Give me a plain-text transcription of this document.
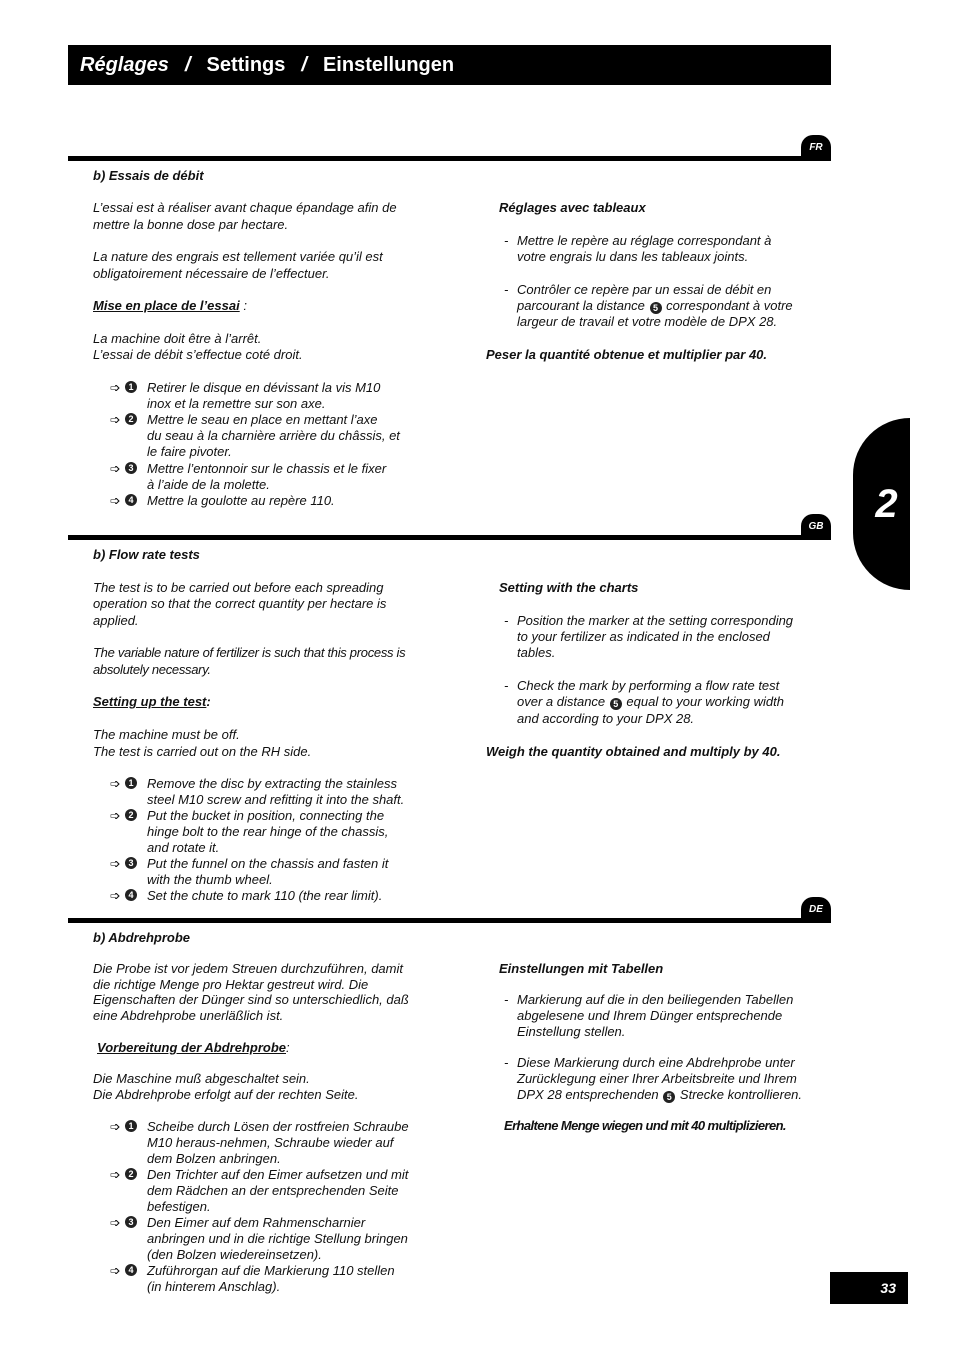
Réglages / Settings / Einstellungen
2
33
FR
b) Essais de débit
L’essai est à réaliser avant chaque épandage afin de
mettre la bonne dose par hectare.
La nature des engrais est tellement variée qu’il est
obligatoirement nécessaire de l’effectuer.
Mise en place de l’essai :
La machine doit être à l’arrêt.
L’essai de débit s’effectue coté droit.
➩ 1 Retirer le disque en dévissant la vis M10
inox et la remettre sur son axe.
➩ 2 Mettre le seau en place en mettant l’axe
du seau à la charnière arrière du châssis, et
le faire pivoter.
➩ 3 Mettre l’entonnoir sur le chassis et le fixer
à l’aide de la molette.
➩ 4 Mettre la goulotte au repère 110.
Réglages avec tableaux
- Mettre le repère au réglage correspondant à
votre engrais lu dans les tableaux joints.
- Contrôler ce repère par un essai de débit en
parcourant la distance 5 correspondant à votre
largeur de travail et votre modèle de DPX 28.
Peser la quantité obtenue et multiplier par 40.
GB
b) Flow rate tests
The test is to be carried out before each spreading
operation so that the correct quantity per hectare is
applied.
The variable nature of fertilizer is such that this process is
absolutely necessary.
Setting up the test:
The machine must be off.
The test is carried out on the RH side.
➩ 1 Remove the disc by extracting the stainless
steel M10 screw and refitting it into the shaft.
➩ 2 Put the bucket in position, connecting the
hinge bolt to the rear hinge of the chassis,
and rotate it.
➩ 3 Put the funnel on the chassis and fasten it
with the thumb wheel.
➩ 4 Set the chute to mark 110 (the rear limit).
Setting with the charts
- Position the marker at the setting corresponding
to your fertilizer as indicated in the enclosed
tables.
- Check the mark by performing a flow rate test
over a distance 5 equal to your working width
and according to your DPX 28.
Weigh the quantity obtained and multiply by 40.
DE
b) Abdrehprobe
Die Probe ist vor jedem Streuen durchzuführen, damit
die richtige Menge pro Hektar gestreut wird. Die
Eigenschaften der Dünger sind so unterschiedlich, daß
eine Abdrehprobe unerläßlich ist.
Vorbereitung der Abdrehprobe:
Die Maschine muß abgeschaltet sein.
Die Abdrehprobe erfolgt auf der rechten Seite.
➩ 1 Scheibe durch Lösen der rostfreien Schraube
M10 heraus-nehmen, Schraube wieder auf
dem Bolzen anbringen.
➩ 2 Den Trichter auf den Eimer aufsetzen und mit
dem Rädchen an der entsprechenden Seite
befestigen.
➩ 3 Den Eimer auf dem Rahmenscharnier
anbringen und in die richtige Stellung bringen
(den Bolzen wiedereinsetzen).
➩ 4 Zuführorgan auf die Markierung 110 stellen
(in hinterem Anschlag).
Einstellungen mit Tabellen
- Markierung auf die in den beiliegenden Tabellen
abgelesene und Ihrem Dünger entsprechende
Einstellung stellen.
- Diese Markierung durch eine Abdrehprobe unter
Zurücklegung einer Ihrer Arbeitsbreite und Ihrem
DPX 28 entsprechenden 5 Strecke kontrollieren.
Erhaltene Menge wiegen und mit 40 multiplizieren.
